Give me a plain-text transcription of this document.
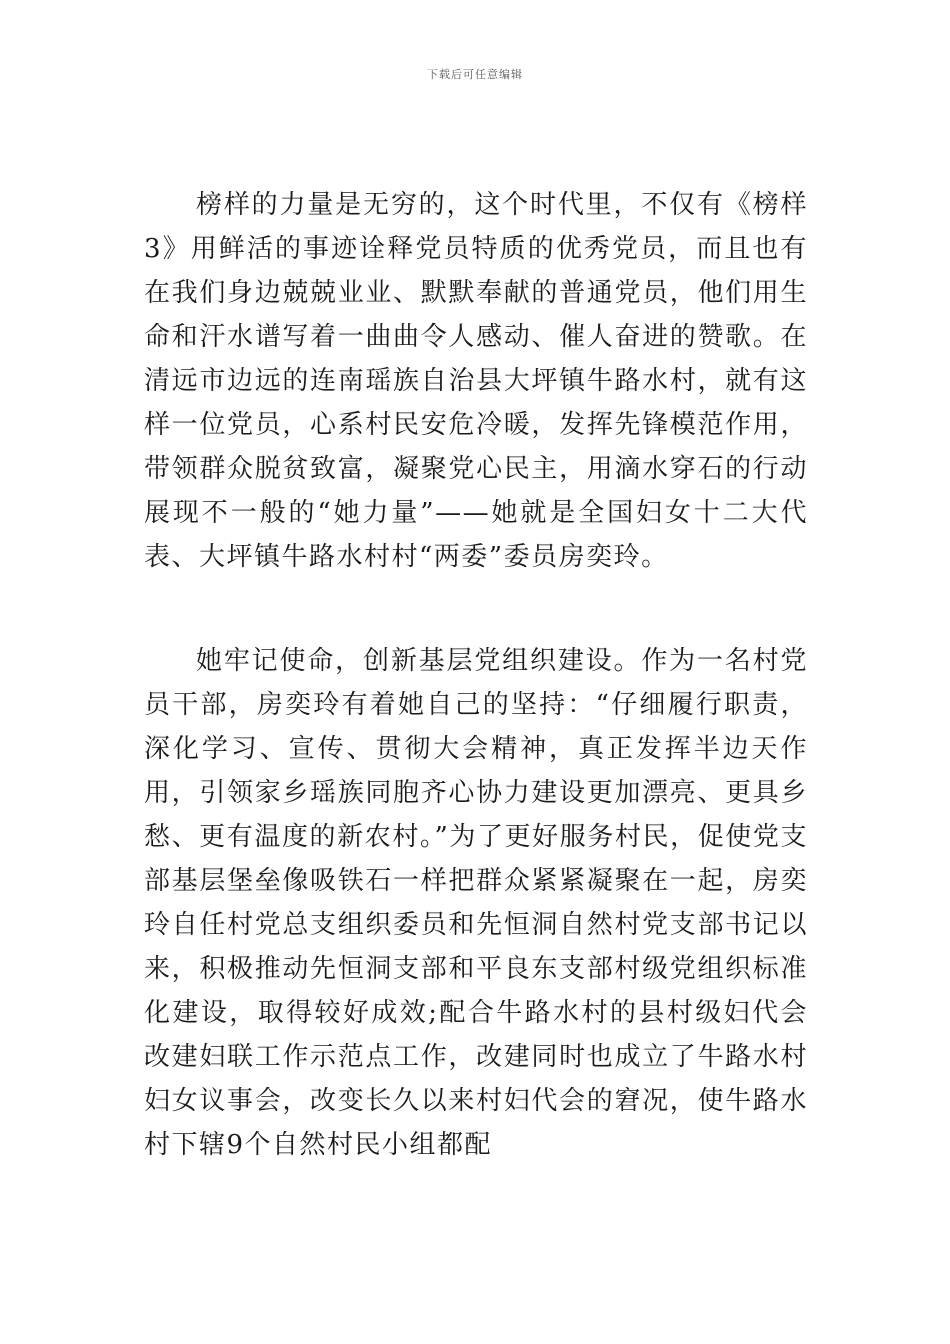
下载后可任意编辑

榜样的力量是无穷的，这个时代里，不仅有《榜样3》用鲜活的事迹诠释党员特质的优秀党员，而且也有在我们身边兢兢业业、默默奉献的普通党员，他们用生命和汗水谱写着一曲曲令人感动、催人奋进的赞歌。在清远市边远的连南瑶族自治县大坪镇牛路水村，就有这样一位党员，心系村民安危冷暖，发挥先锋模范作用，带领群众脱贫致富，凝聚党心民主，用滴水穿石的行动展现不一般的“她力量”——她就是全国妇女十二大代表、大坪镇牛路水村村“两委”委员房奕玲。

她牢记使命，创新基层党组织建设。作为一名村党员干部，房奕玲有着她自己的坚持：“仔细履行职责，深化学习、宣传、贯彻大会精神，真正发挥半边天作用，引领家乡瑶族同胞齐心协力建设更加漂亮、更具乡愁、更有温度的新农村。”为了更好服务村民，促使党支部基层堡垒像吸铁石一样把群众紧紧凝聚在一起，房奕玲自任村党总支组织委员和先恒洞自然村党支部书记以来，积极推动先恒洞支部和平良东支部村级党组织标准化建设，取得较好成效;配合牛路水村的县村级妇代会改建妇联工作示范点工作，改建同时也成立了牛路水村妇女议事会，改变长久以来村妇代会的窘况，使牛路水村下辖9个自然村民小组都配
